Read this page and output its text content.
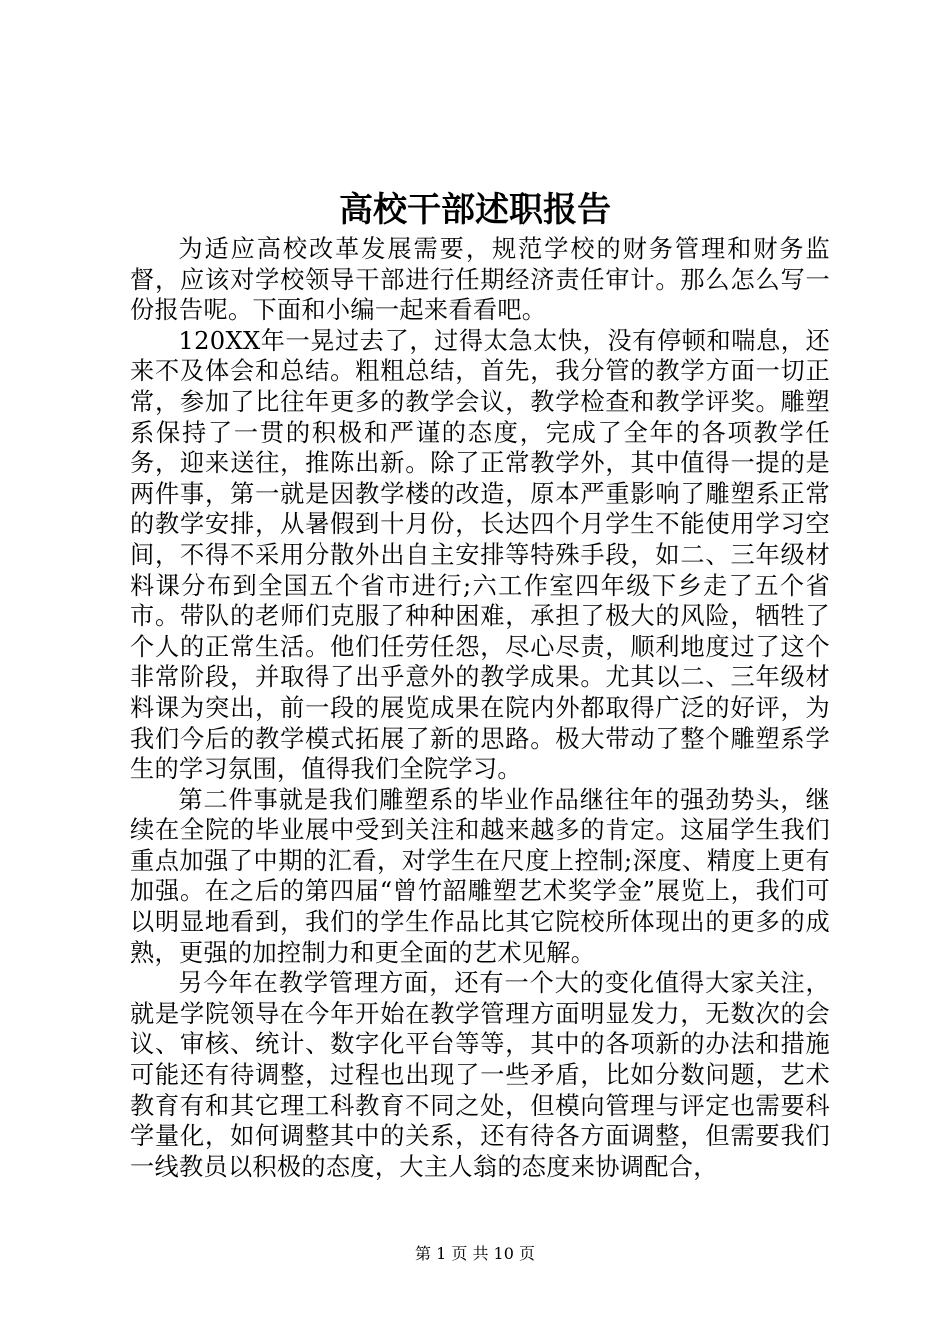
高校干部述职报告

为适应高校改革发展需要，规范学校的财务管理和财务监督，应该对学校领导干部进行任期经济责任审计。那么怎么写一份报告呢。下面和小编一起来看看吧。

120XX年一晃过去了，过得太急太快，没有停顿和喘息，还来不及体会和总结。粗粗总结，首先，我分管的教学方面一切正常，参加了比往年更多的教学会议，教学检查和教学评奖。雕塑系保持了一贯的积极和严谨的态度，完成了全年的各项教学任务，迎来送往，推陈出新。除了正常教学外，其中值得一提的是两件事，第一就是因教学楼的改造，原本严重影响了雕塑系正常的教学安排，从暑假到十月份，长达四个月学生不能使用学习空间，不得不采用分散外出自主安排等特殊手段，如二、三年级材料课分布到全国五个省市进行;六工作室四年级下乡走了五个省市。带队的老师们克服了种种困难，承担了极大的风险，牺牲了个人的正常生活。他们任劳任怨，尽心尽责，顺利地度过了这个非常阶段，并取得了出乎意外的教学成果。尤其以二、三年级材料课为突出，前一段的展览成果在院内外都取得广泛的好评，为我们今后的教学模式拓展了新的思路。极大带动了整个雕塑系学生的学习氛围，值得我们全院学习。

第二件事就是我们雕塑系的毕业作品继往年的强劲势头，继续在全院的毕业展中受到关注和越来越多的肯定。这届学生我们重点加强了中期的汇看，对学生在尺度上控制;深度、精度上更有加强。在之后的第四届“曾竹韶雕塑艺术奖学金”展览上，我们可以明显地看到，我们的学生作品比其它院校所体现出的更多的成熟，更强的加控制力和更全面的艺术见解。

另今年在教学管理方面，还有一个大的变化值得大家关注，就是学院领导在今年开始在教学管理方面明显发力，无数次的会议、审核、统计、数字化平台等等，其中的各项新的办法和措施可能还有待调整，过程也出现了一些矛盾，比如分数问题，艺术教育有和其它理工科教育不同之处，但模向管理与评定也需要科学量化，如何调整其中的关系，还有待各方面调整，但需要我们一线教员以积极的态度，大主人翁的态度来协调配合，

第 1 页 共 10 页
